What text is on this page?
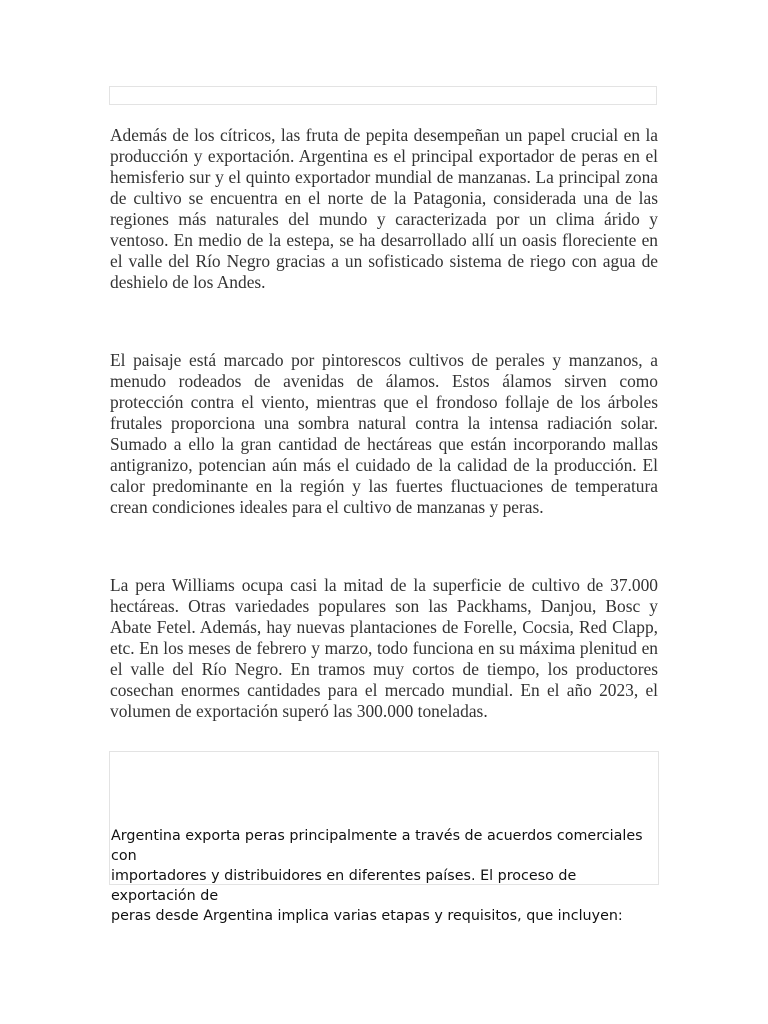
Además de los cítricos, las fruta de pepita desempeñan un papel crucial en la producción y exportación. Argentina es el principal exportador de peras en el hemisferio sur y el quinto exportador mundial de manzanas. La principal zona de cultivo se encuentra en el norte de la Patagonia, considerada una de las regiones más naturales del mundo y caracterizada por un clima árido y ventoso. En medio de la estepa, se ha desarrollado allí un oasis floreciente en el valle del Río Negro gracias a un sofisticado sistema de riego con agua de deshielo de los Andes.

El paisaje está marcado por pintorescos cultivos de perales y manzanos, a menudo rodeados de avenidas de álamos. Estos álamos sirven como protección contra el viento, mientras que el frondoso follaje de los árboles frutales proporciona una sombra natural contra la intensa radiación solar. Sumado a ello la gran cantidad de hectáreas que están incorporando mallas antigranizo, potencian aún más el cuidado de la calidad de la producción. El calor predominante en la región y las fuertes fluctuaciones de temperatura crean condiciones ideales para el cultivo de manzanas y peras.

La pera Williams ocupa casi la mitad de la superficie de cultivo de 37.000 hectáreas. Otras variedades populares son las Packhams, Danjou, Bosc y Abate Fetel. Además, hay nuevas plantaciones de Forelle, Cocsia, Red Clapp, etc. En los meses de febrero y marzo, todo funciona en su máxima plenitud en el valle del Río Negro. En tramos muy cortos de tiempo, los productores cosechan enormes cantidades para el mercado mundial. En el año 2023, el volumen de exportación superó las 300.000 toneladas.

Argentina exporta peras principalmente a través de acuerdos comerciales con
importadores y distribuidores en diferentes países. El proceso de exportación de
peras desde Argentina implica varias etapas y requisitos, que incluyen:
